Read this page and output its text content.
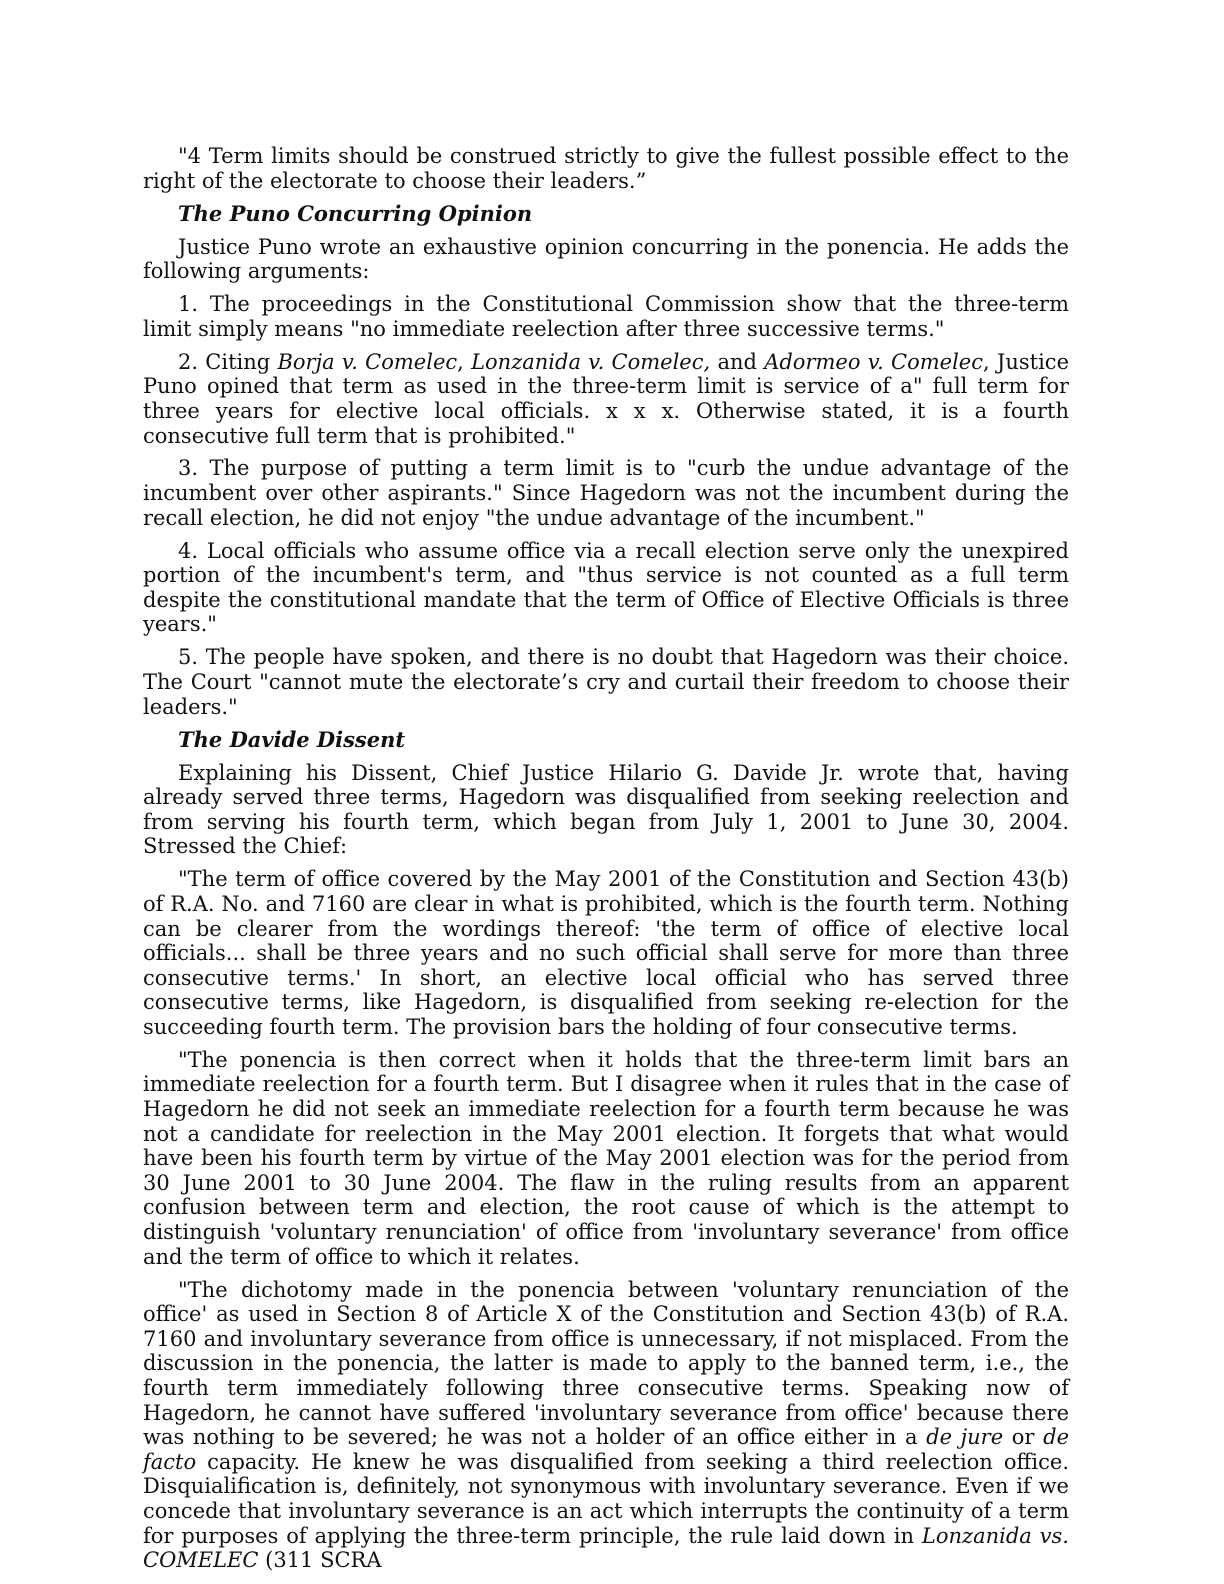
"4 Term limits should be construed strictly to give the fullest possible effect to the right of the electorate to choose their leaders.”

The Puno Concurring Opinion

Justice Puno wrote an exhaustive opinion concurring in the ponencia. He adds the following arguments:

1. The proceedings in the Constitutional Commission show that the three-term limit simply means "no immediate reelection after three successive terms."

2. Citing Borja v. Comelec, Lonzanida v. Comelec, and Adormeo v. Comelec, Justice Puno opined that term as used in the three-term limit is service of a" full term for three years for elective local officials. x x x. Otherwise stated, it is a fourth consecutive full term that is prohibited."

3. The purpose of putting a term limit is to "curb the undue advantage of the incumbent over other aspirants." Since Hagedorn was not the incumbent during the recall election, he did not enjoy "the undue advantage of the incumbent."

4. Local officials who assume office via a recall election serve only the unexpired portion of the incumbent's term, and "thus service is not counted as a full term despite the constitutional mandate that the term of Office of Elective Officials is three years."

5. The people have spoken, and there is no doubt that Hagedorn was their choice. The Court "cannot mute the electorate’s cry and curtail their freedom to choose their leaders."

The Davide Dissent

Explaining his Dissent, Chief Justice Hilario G. Davide Jr. wrote that, having already served three terms, Hagedorn was disqualified from seeking reelection and from serving his fourth term, which began from July 1, 2001 to June 30, 2004. Stressed the Chief:

"The term of office covered by the May 2001 of the Constitution and Section 43(b) of R.A. No. and 7160 are clear in what is prohibited, which is the fourth term. Nothing can be clearer from the wordings thereof: 'the term of office of elective local officials... shall be three years and no such official shall serve for more than three consecutive terms.' In short, an elective local official who has served three consecutive terms, like Hagedorn, is disqualified from seeking re-election for the succeeding fourth term. The provision bars the holding of four consecutive terms.

"The ponencia is then correct when it holds that the three-term limit bars an immediate reelection for a fourth term. But I disagree when it rules that in the case of Hagedorn he did not seek an immediate reelection for a fourth term because he was not a candidate for reelection in the May 2001 election. It forgets that what would have been his fourth term by virtue of the May 2001 election was for the period from 30 June 2001 to 30 June 2004. The flaw in the ruling results from an apparent confusion between term and election, the root cause of which is the attempt to distinguish 'voluntary renunciation' of office from 'involuntary severance' from office and the term of office to which it relates.

"The dichotomy made in the ponencia between 'voluntary renunciation of the office' as used in Section 8 of Article X of the Constitution and Section 43(b) of R.A. 7160 and involuntary severance from office is unnecessary, if not misplaced. From the discussion in the ponencia, the latter is made to apply to the banned term, i.e., the fourth term immediately following three consecutive terms. Speaking now of Hagedorn, he cannot have suffered 'involuntary severance from office' because there was nothing to be severed; he was not a holder of an office either in a de jure or de facto capacity. He knew he was disqualified from seeking a third reelection office. Disquialification is, definitely, not synonymous with involuntary severance. Even if we concede that involuntary severance is an act which interrupts the continuity of a term for purposes of applying the three-term principle, the rule laid down in Lonzanida vs. COMELEC (311 SCRA
